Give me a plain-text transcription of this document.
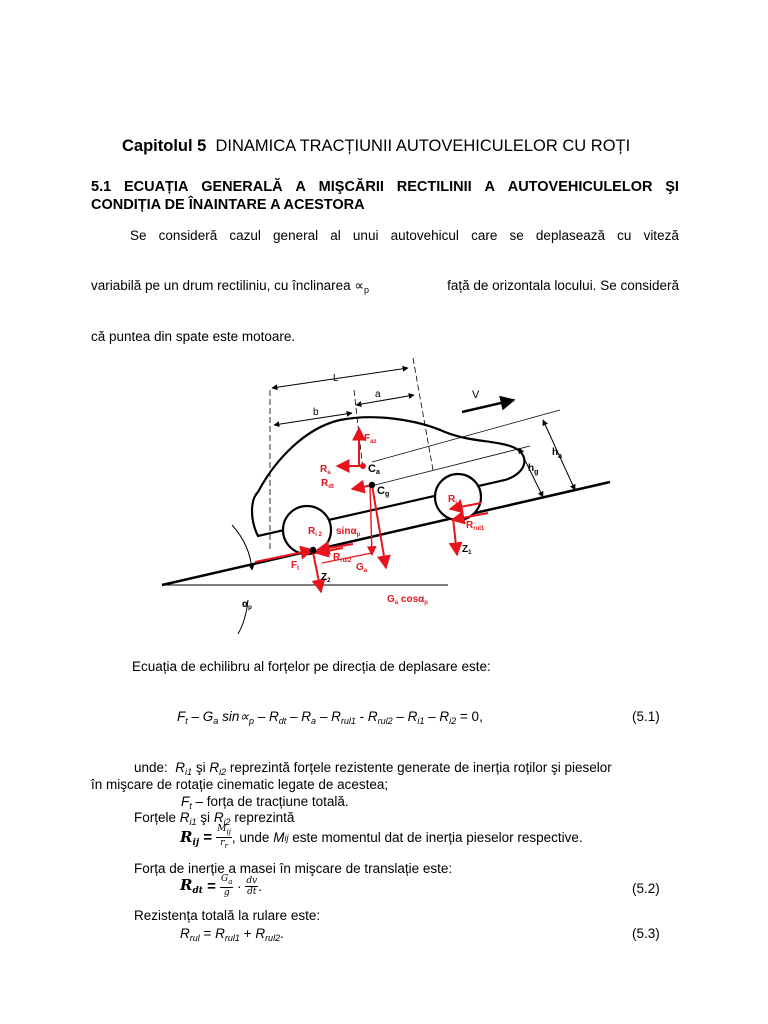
Capitolul 5 DINAMICA TRACȚIUNII AUTOVEHICULELOR CU ROȚI
5.1 ECUAȚIA GENERALĂ A MIŞCĂRII RECTILINII A AUTOVEHICULELOR ŞI
CONDIȚIA DE ÎNAINTARE A ACESTORA
Se consideră cazul general al unui autovehicul care se deplasează cu viteză
variabilă pe un drum rectiliniu, cu înclinarea $\propto_p$	față de orizontala locului. Se consideră
că puntea din spate este motoare.
L
a
b
V
$h_a$
$h_g$
$F_{az}$
$R_a$
$R_{dt}$
$R_{i 1}$
$R_{i 2}$ sinα$_p$
$R_{rul1}$
$R_{rul2}$
$F_t$	$G_a$
$G_a$ cosα$_p$
Ca
Cg
$Z_1$
$Z_2$
$\alpha_p$
Ecuația de echilibru al forțelor pe direcția de deplasare este:
$F_t - G_a$ $\sin\propto_p - R_{dt} - R_a - R_{rul1} - R_{rul2} - R_{i1} - R_{i2} = 0$,	(5.1)
unde:  $R_{i1}$ şi $R_{i2}$ reprezintă forțele rezistente generate de inerția roților şi pieselor
în mişcare de rotație cinematic legate de acestea;
$F_t$ – forța de tracțiune totală.
Forțele $R_{i1}$ şi $R_{i2}$ reprezintă
$R_{ij} = M_{ij}$
$r_r$
, unde M ij este momentul dat de inerția pieselor respective.
Forța de inerție a masei în mişcare de translație este:
$R_{dt} = \frac{G_a}{g}$ · dv
dt .	(5.2)
Rezistența totală la rulare este:
$R_{rul} = R_{rul1} + R_{rul2}$.	(5.3)
